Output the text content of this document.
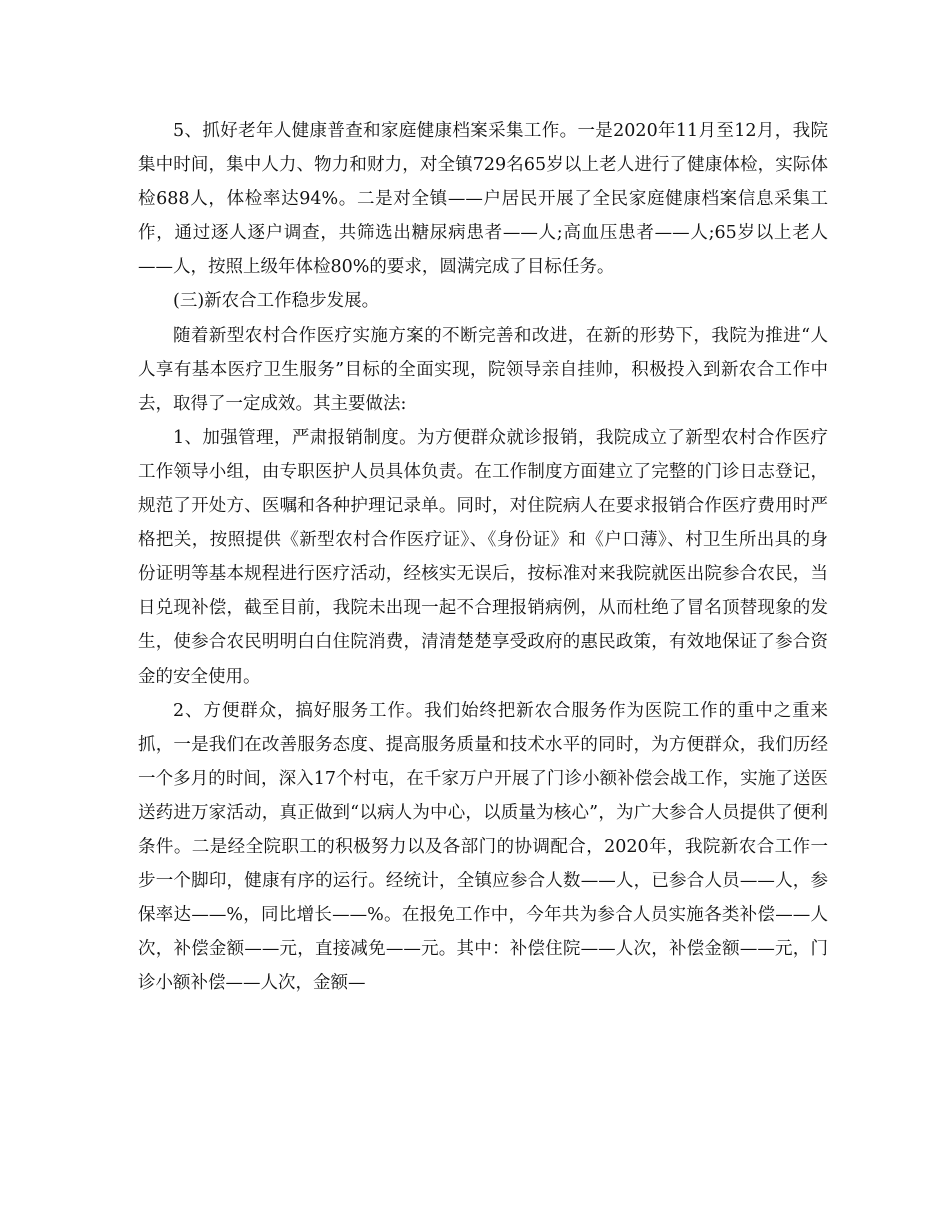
5、抓好老年人健康普查和家庭健康档案采集工作。一是2020年11月至12月，我院集中时间，集中人力、物力和财力，对全镇729名65岁以上老人进行了健康体检，实际体检688人，体检率达94%。二是对全镇——户居民开展了全民家庭健康档案信息采集工作，通过逐人逐户调查，共筛选出糖尿病患者——人;高血压患者——人;65岁以上老人——人，按照上级年体检80%的要求，圆满完成了目标任务。

(三)新农合工作稳步发展。

随着新型农村合作医疗实施方案的不断完善和改进，在新的形势下，我院为推进“人人享有基本医疗卫生服务”目标的全面实现，院领导亲自挂帅，积极投入到新农合工作中去，取得了一定成效。其主要做法:

1、加强管理，严肃报销制度。为方便群众就诊报销，我院成立了新型农村合作医疗工作领导小组，由专职医护人员具体负责。在工作制度方面建立了完整的门诊日志登记，规范了开处方、医嘱和各种护理记录单。同时，对住院病人在要求报销合作医疗费用时严格把关，按照提供《新型农村合作医疗证》、《身份证》和《户口薄》、村卫生所出具的身份证明等基本规程进行医疗活动，经核实无误后，按标准对来我院就医出院参合农民，当日兑现补偿，截至目前，我院未出现一起不合理报销病例，从而杜绝了冒名顶替现象的发生，使参合农民明明白白住院消费，清清楚楚享受政府的惠民政策，有效地保证了参合资金的安全使用。

2、方便群众，搞好服务工作。我们始终把新农合服务作为医院工作的重中之重来抓，一是我们在改善服务态度、提高服务质量和技术水平的同时，为方便群众，我们历经一个多月的时间，深入17个村屯，在千家万户开展了门诊小额补偿会战工作，实施了送医送药进万家活动，真正做到“以病人为中心，以质量为核心”，为广大参合人员提供了便利条件。二是经全院职工的积极努力以及各部门的协调配合，2020年，我院新农合工作一步一个脚印，健康有序的运行。经统计，全镇应参合人数——人，已参合人员——人，参保率达——%，同比增长——%。在报免工作中，今年共为参合人员实施各类补偿——人次，补偿金额——元，直接减免——元。其中：补偿住院——人次，补偿金额——元，门诊小额补偿——人次，金额—
